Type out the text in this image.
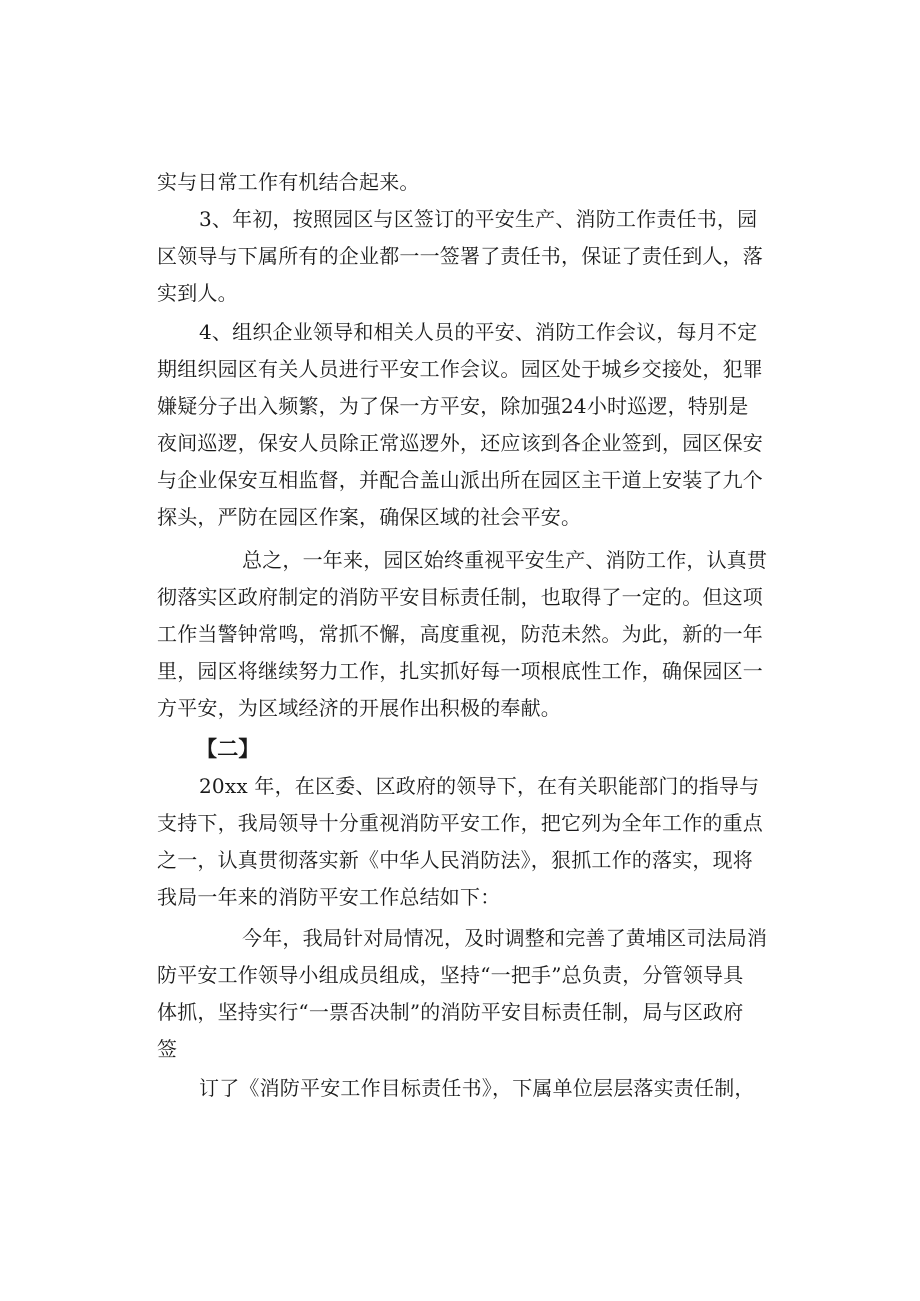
实与日常工作有机结合起来。
3、年初，按照园区与区签订的平安生产、消防工作责任书，园
区领导与下属所有的企业都一一签署了责任书，保证了责任到人，落
实到人。
4、组织企业领导和相关人员的平安、消防工作会议，每月不定
期组织园区有关人员进行平安工作会议。园区处于城乡交接处，犯罪
嫌疑分子出入频繁，为了保一方平安，除加强24小时巡逻，特别是
夜间巡逻，保安人员除正常巡逻外，还应该到各企业签到，园区保安
与企业保安互相监督，并配合盖山派出所在园区主干道上安装了九个
探头，严防在园区作案，确保区域的社会平安。
总之，一年来，园区始终重视平安生产、消防工作，认真贯
彻落实区政府制定的消防平安目标责任制，也取得了一定的。但这项
工作当警钟常鸣，常抓不懈，高度重视，防范未然。为此，新的一年
里，园区将继续努力工作，扎实抓好每一项根底性工作，确保园区一
方平安，为区域经济的开展作出积极的奉献。
【二】
20xx 年，在区委、区政府的领导下，在有关职能部门的指导与
支持下，我局领导十分重视消防平安工作，把它列为全年工作的重点
之一，认真贯彻落实新《中华人民消防法》，狠抓工作的落实，现将
我局一年来的消防平安工作总结如下：
今年，我局针对局情况，及时调整和完善了黄埔区司法局消
防平安工作领导小组成员组成，坚持“一把手”总负责，分管领导具
体抓，坚持实行“一票否决制”的消防平安目标责任制，局与区政府
签
订了《消防平安工作目标责任书》，下属单位层层落实责任制，
